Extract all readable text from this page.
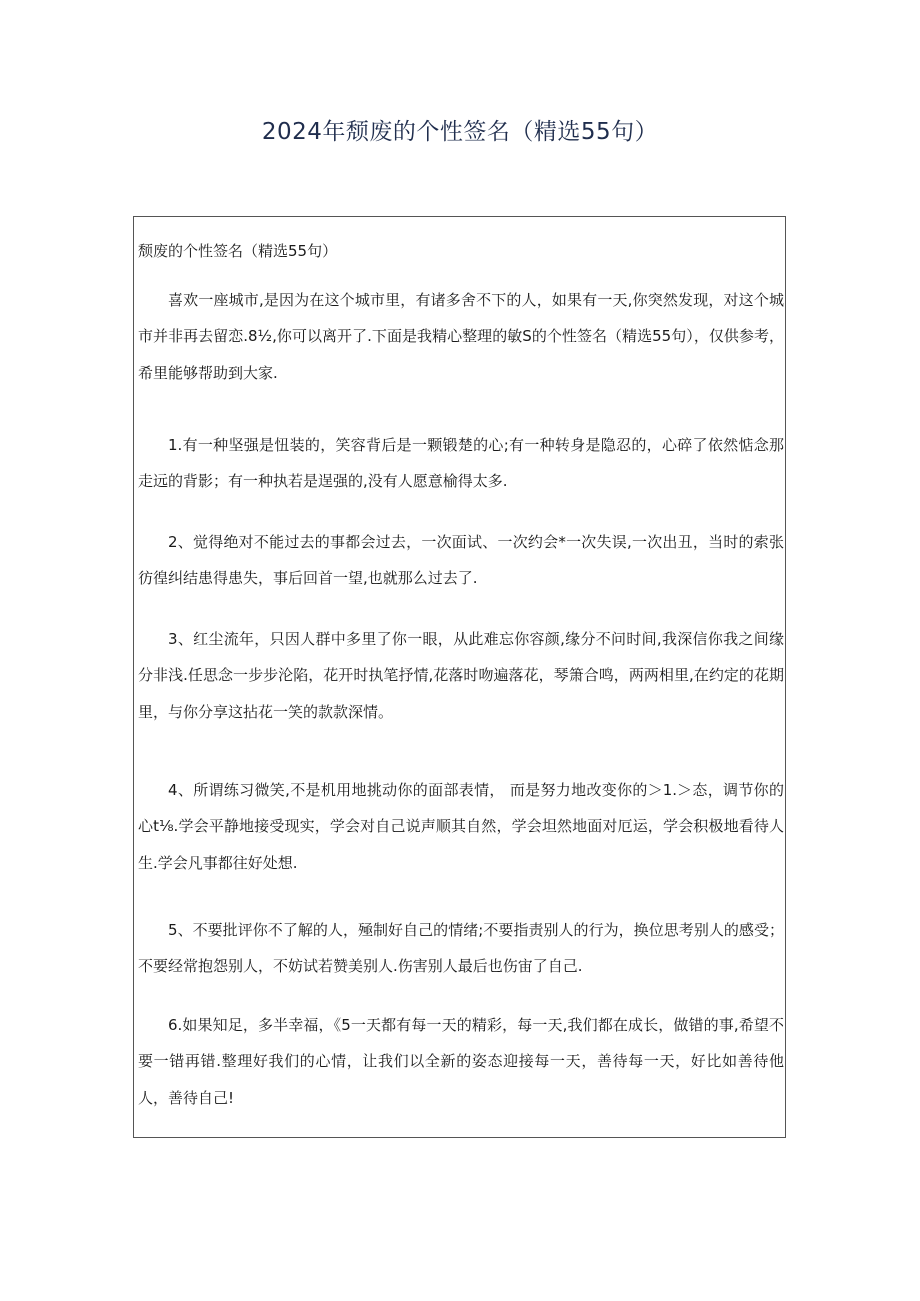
2024年颓废的个性签名（精选55句）

颓废的个性签名（精选55句）

喜欢一座城市,是因为在这个城市里，有诸多舍不下的人，如果有一天,你突然发现，对这个城市并非再去留恋.8½,你可以离开了.下面是我精心整理的敏S的个性签名（精选55句），仅供参考，希里能够帮助到大家.

1.有一种坚强是忸装的，笑容背后是一颗锻楚的心;有一种转身是隐忍的，心碎了依然惦念那走远的背影；有一种执若是逞强的,没有人愿意榆得太多.

2、觉得绝对不能过去的事都会过去，一次面试、一次约会*一次失误,一次出丑，当时的索张彷徨纠结患得患失，事后回首一望,也就那么过去了.

3、红尘流年，只因人群中多里了你一眼，从此难忘你容颜,缘分不问时间,我深信你我之间缘分非浅.任思念一步步沦陷，花开时执笔抒情,花落时吻遍落花，琴箫合鸣，两两相里,在约定的花期里，与你分享这拈花一笑的款款深情。

4、所谓练习微笑,不是机用地挑动你的面部表情， 而是努力地改变你的＞1.＞态，调节你的心t⅛.学会平静地接受现实，学会对自己说声顺其自然，学会坦然地面对厄运，学会积极地看待人生.学会凡事都往好处想.

5、不要批评你不了解的人，殛制好自己的情绪;不要指责别人的行为，换位思考别人的感受；不要经常抱怨别人，不妨试若赞美别人.伤害别人最后也伤宙了自己.

6.如果知足，多半幸福，《5一天都有每一天的精彩，每一天,我们都在成长，做错的事,希望不要一错再错.整理好我们的心情，让我们以全新的姿态迎接每一天，善待每一天，好比如善待他人，善待自己!
